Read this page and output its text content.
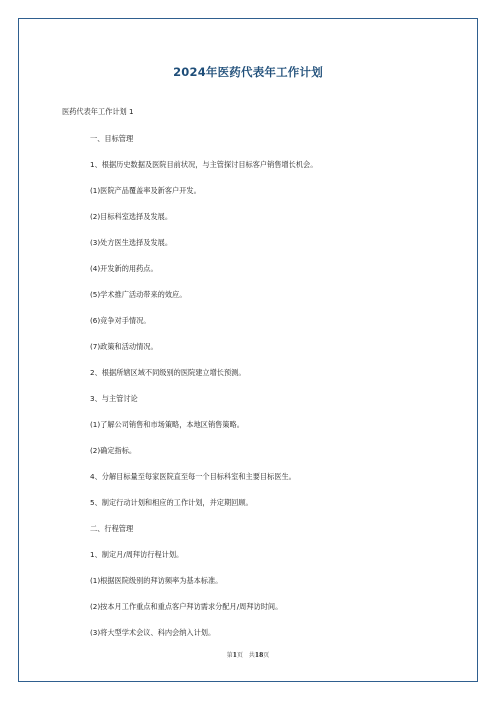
2024年医药代表年工作计划
医药代表年工作计划 1
一、目标管理
1、根据历史数据及医院目前状况，与主管探讨目标客户销售增长机会。
(1)医院产品覆盖率及新客户开发。
(2)目标科室选择及发展。
(3)处方医生选择及发展。
(4)开发新的用药点。
(5)学术推广活动带来的效应。
(6)竞争对手情况。
(7)政策和活动情况。
2、根据所辖区域不同级别的医院建立增长预测。
3、与主管讨论
(1)了解公司销售和市场策略，本地区销售策略。
(2)确定指标。
4、分解目标量至每家医院直至每一个目标科室和主要目标医生。
5、制定行动计划和相应的工作计划，并定期回顾。
二、行程管理
1、制定月/周拜访行程计划。
(1)根据医院级别的拜访频率为基本标准。
(2)按本月工作重点和重点客户拜访需求分配月/周拜访时间。
(3)将大型学术会议、科内会纳入计划。
第1页　共18页
